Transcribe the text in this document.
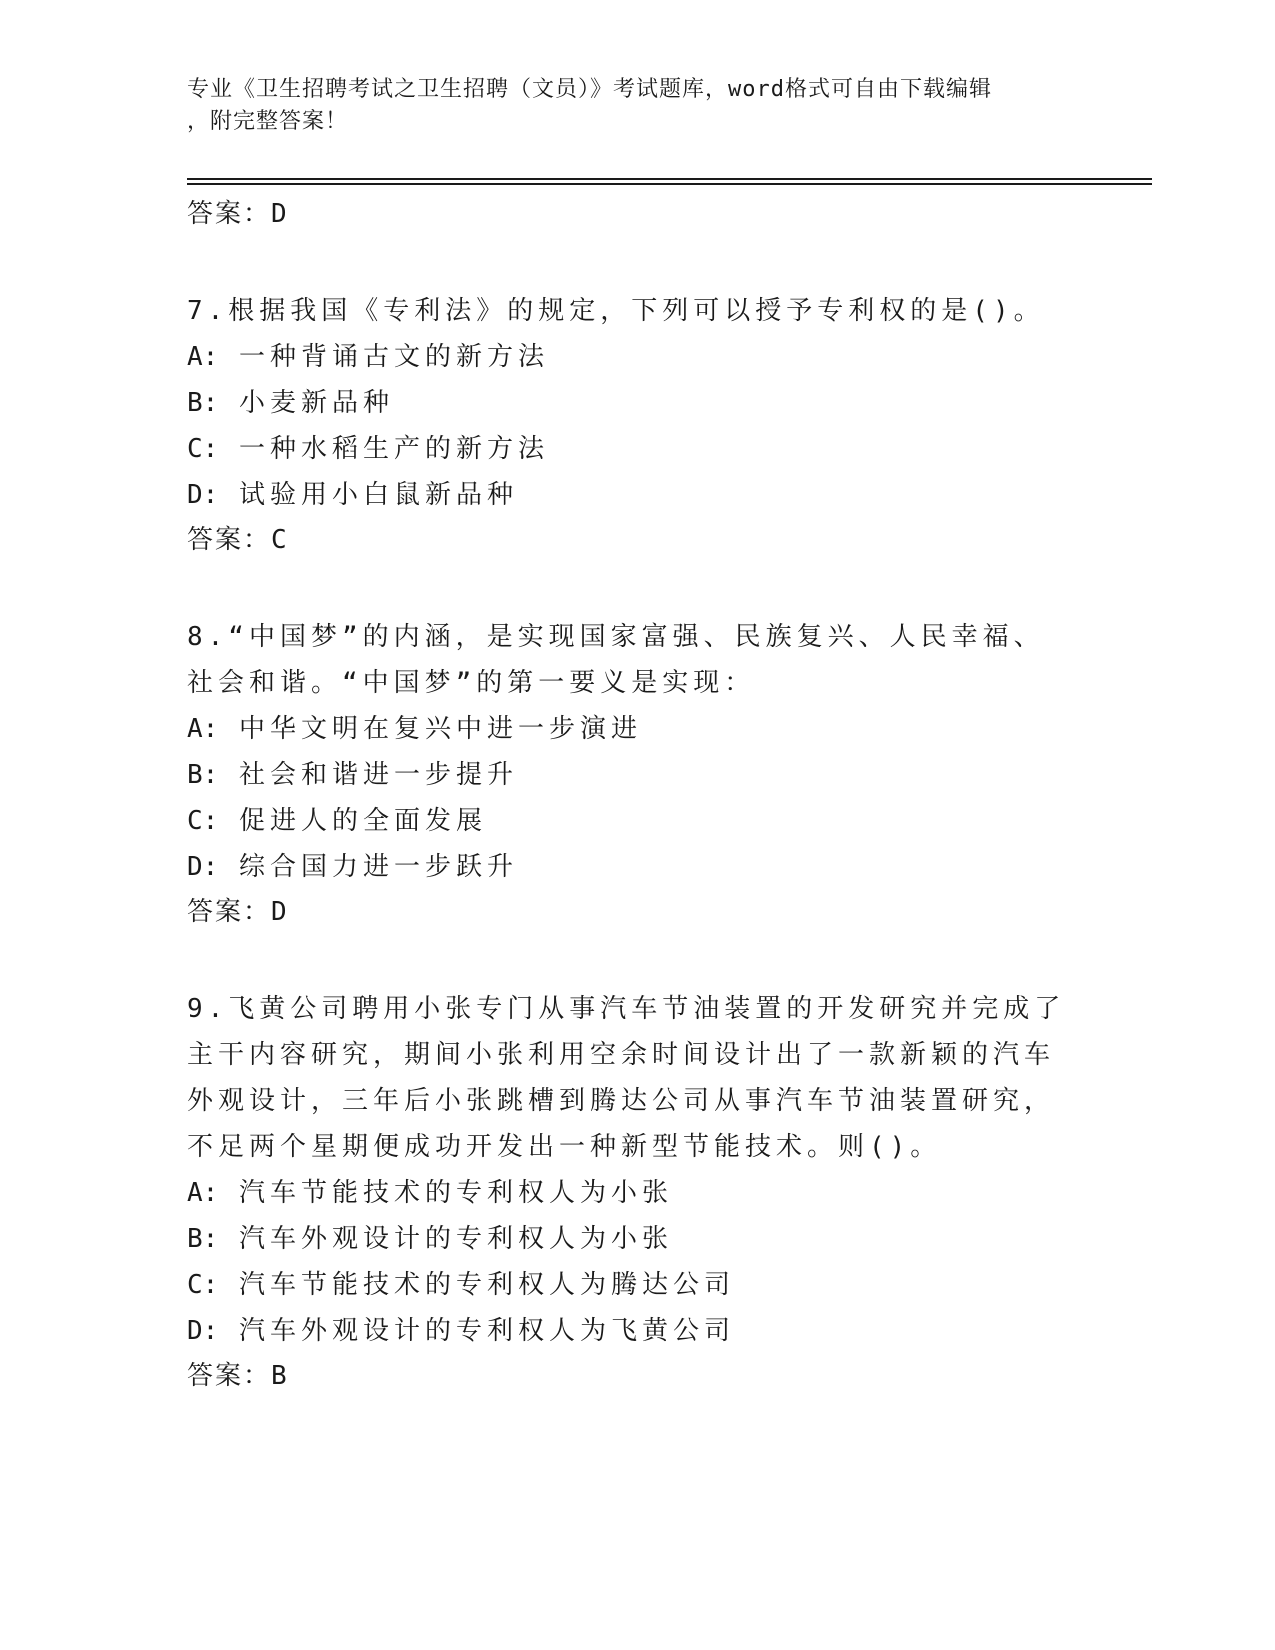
专业《卫生招聘考试之卫生招聘（文员）》考试题库，word格式可自由下载编辑
，附完整答案！
答案：D
7.根据我国《专利法》的规定，下列可以授予专利权的是()。
A: 一种背诵古文的新方法
B: 小麦新品种
C: 一种水稻生产的新方法
D: 试验用小白鼠新品种
答案：C
8.“中国梦”的内涵，是实现国家富强、民族复兴、人民幸福、社会和谐。“中国梦”的第一要义是实现：
A: 中华文明在复兴中进一步演进
B: 社会和谐进一步提升
C: 促进人的全面发展
D: 综合国力进一步跃升
答案：D
9.飞黄公司聘用小张专门从事汽车节油装置的开发研究并完成了主干内容研究，期间小张利用空余时间设计出了一款新颖的汽车外观设计，三年后小张跳槽到腾达公司从事汽车节油装置研究，不足两个星期便成功开发出一种新型节能技术。则()。
A: 汽车节能技术的专利权人为小张
B: 汽车外观设计的专利权人为小张
C: 汽车节能技术的专利权人为腾达公司
D: 汽车外观设计的专利权人为飞黄公司
答案：B
